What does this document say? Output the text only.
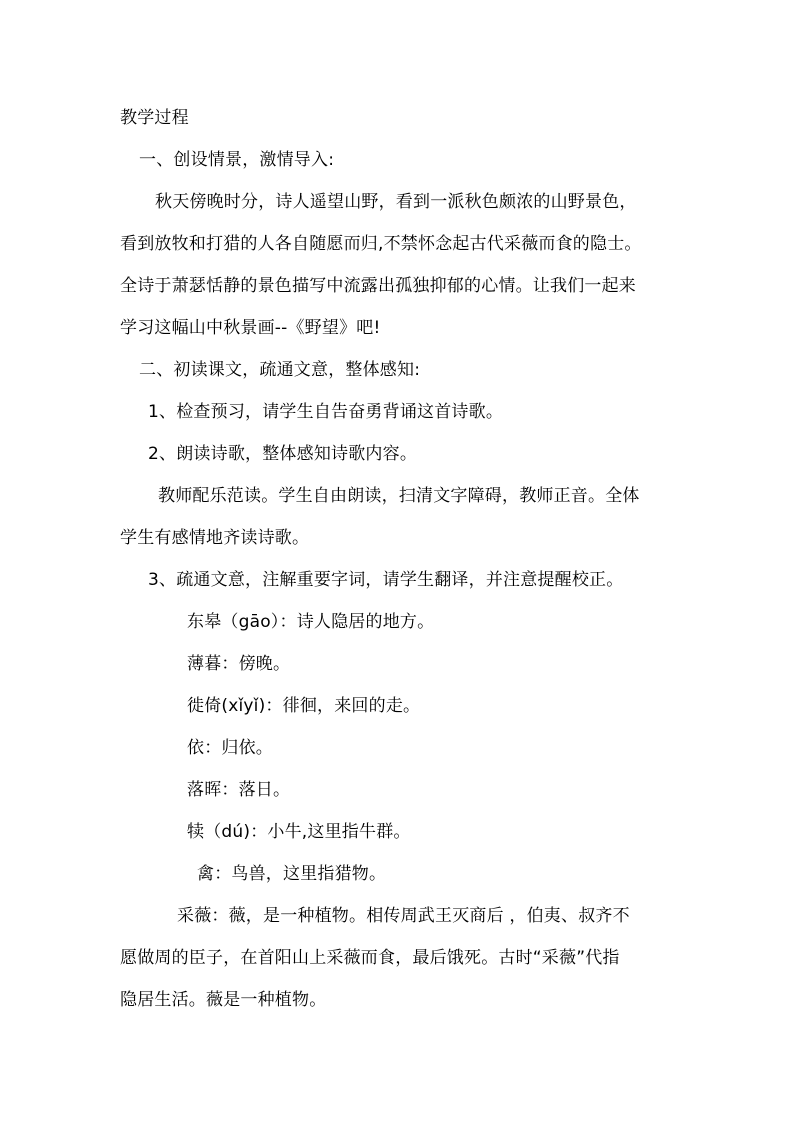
教学过程
一、创设情景，激情导入:
秋天傍晚时分，诗人遥望山野，看到一派秋色颇浓的山野景色，
看到放牧和打猎的人各自随愿而归,不禁怀念起古代采薇而食的隐士。
全诗于萧瑟恬静的景色描写中流露出孤独抑郁的心情。让我们一起来
学习这幅山中秋景画--《野望》吧!
二、初读课文，疏通文意，整体感知:
1、检查预习，请学生自告奋勇背诵这首诗歌。
2、朗读诗歌，整体感知诗歌内容。
教师配乐范读。学生自由朗读，扫清文字障碍，教师正音。全体
学生有感情地齐读诗歌。
3、疏通文意，注解重要字词，请学生翻译，并注意提醒校正。
东皋（gāo）：诗人隐居的地方。
薄暮：傍晚。
徙倚(xǐyǐ)：徘徊，来回的走。
依：归依。
落晖：落日。
犊（dú)：小牛,这里指牛群。
禽：鸟兽，这里指猎物。
采薇：薇，是一种植物。相传周武王灭商后 ，伯夷、叔齐不
愿做周的臣子，在首阳山上采薇而食，最后饿死。古时“采薇”代指
隐居生活。薇是一种植物。
